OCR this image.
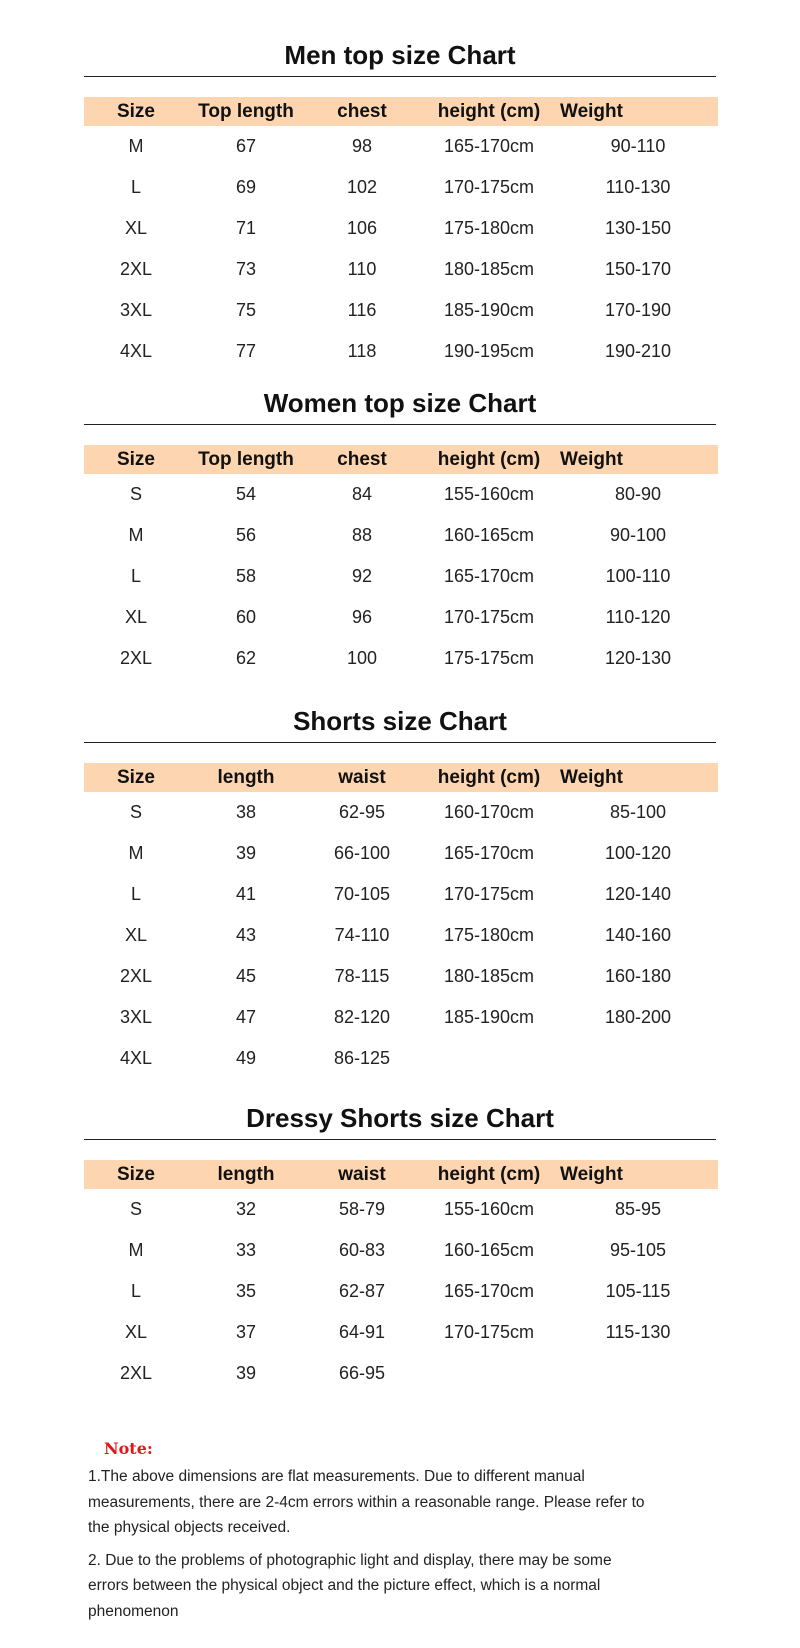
Men top size Chart
Size	Top length	chest	height (cm)	Weight
M	67	98	165-170cm	90-110
L	69	102	170-175cm	110-130
XL	71	106	175-180cm	130-150
2XL	73	110	180-185cm	150-170
3XL	75	116	185-190cm	170-190
4XL	77	118	190-195cm	190-210
Women top size Chart
Size	Top length	chest	height (cm)	Weight
S	54	84	155-160cm	80-90
M	56	88	160-165cm	90-100
L	58	92	165-170cm	100-110
XL	60	96	170-175cm	110-120
2XL	62	100	175-175cm	120-130
Shorts size Chart
Size	length	waist	height (cm)	Weight
S	38	62-95	160-170cm	85-100
M	39	66-100	165-170cm	100-120
L	41	70-105	170-175cm	120-140
XL	43	74-110	175-180cm	140-160
2XL	45	78-115	180-185cm	160-180
3XL	47	82-120	185-190cm	180-200
4XL	49	86-125		
Dressy Shorts size Chart
Size	length	waist	height (cm)	Weight
S	32	58-79	155-160cm	85-95
M	33	60-83	160-165cm	95-105
L	35	62-87	165-170cm	105-115
XL	37	64-91	170-175cm	115-130
2XL	39	66-95		
Note:

1.The above dimensions are flat measurements. Due to different manual measurements, there are 2-4cm errors within a reasonable range. Please refer to the physical objects received.

2. Due to the problems of photographic light and display, there may be some errors between the physical object and the picture effect, which is a normal phenomenon
